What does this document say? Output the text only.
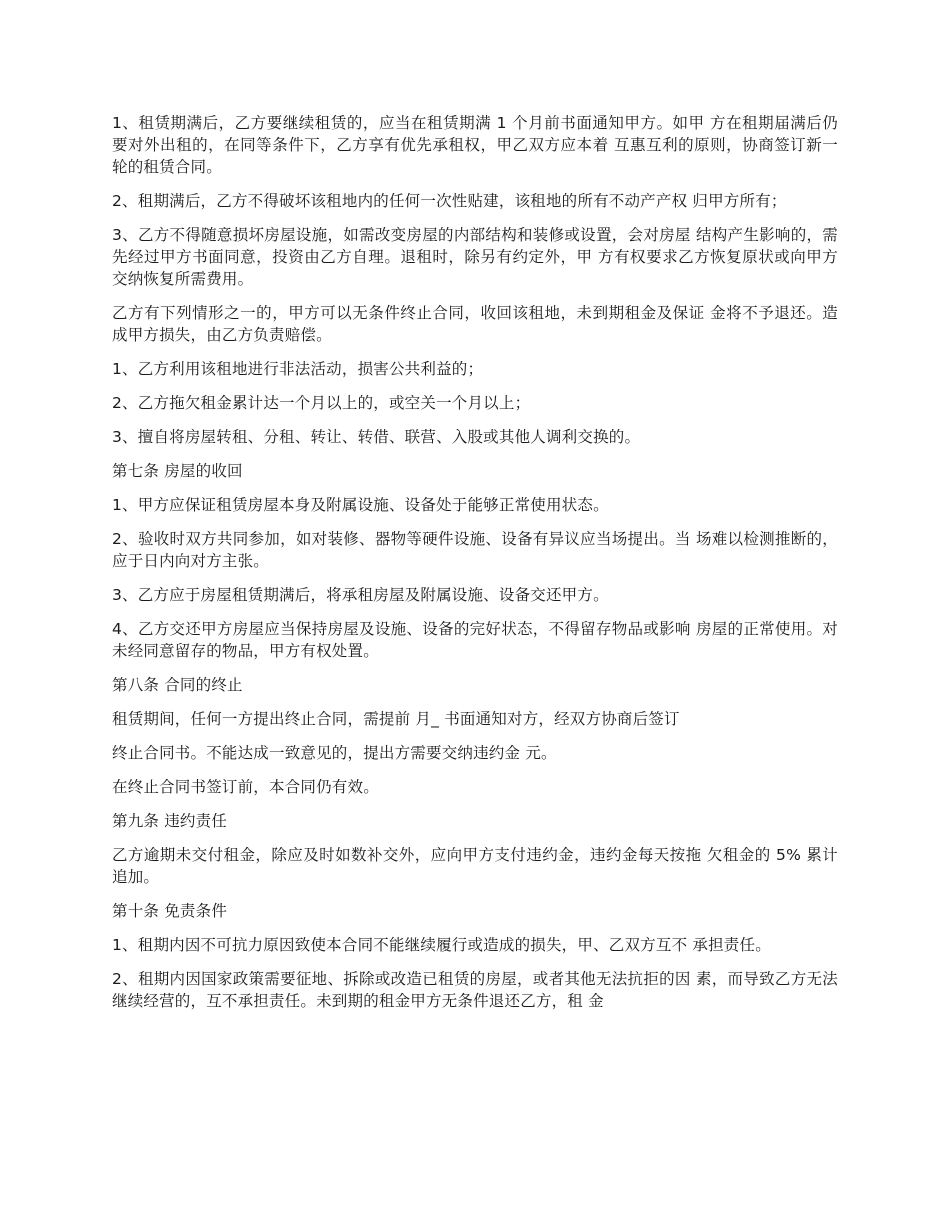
1、租赁期满后，乙方要继续租赁的，应当在租赁期满 1 个月前书面通知甲方。如甲 方在租期届满后仍要对外出租的，在同等条件下，乙方享有优先承租权，甲乙双方应本着 互惠互利的原则，协商签订新一轮的租赁合同。

2、租期满后，乙方不得破坏该租地内的任何一次性贴建，该租地的所有不动产产权 归甲方所有；

3、乙方不得随意损坏房屋设施，如需改变房屋的内部结构和装修或设置，会对房屋 结构产生影响的，需先经过甲方书面同意，投资由乙方自理。退租时，除另有约定外，甲 方有权要求乙方恢复原状或向甲方交纳恢复所需费用。

乙方有下列情形之一的，甲方可以无条件终止合同，收回该租地，未到期租金及保证 金将不予退还。造成甲方损失，由乙方负责赔偿。

1、乙方利用该租地进行非法活动，损害公共利益的；

2、乙方拖欠租金累计达一个月以上的，或空关一个月以上；

3、擅自将房屋转租、分租、转让、转借、联营、入股或其他人调利交换的。

第七条 房屋的收回

1、甲方应保证租赁房屋本身及附属设施、设备处于能够正常使用状态。

2、验收时双方共同参加，如对装修、器物等硬件设施、设备有异议应当场提出。当 场难以检测推断的，应于日内向对方主张。

3、乙方应于房屋租赁期满后，将承租房屋及附属设施、设备交还甲方。

4、乙方交还甲方房屋应当保持房屋及设施、设备的完好状态，不得留存物品或影响 房屋的正常使用。对未经同意留存的物品，甲方有权处置。

第八条 合同的终止

租赁期间，任何一方提出终止合同，需提前 月_ 书面通知对方，经双方协商后签订

终止合同书。不能达成一致意见的，提出方需要交纳违约金 元。

在终止合同书签订前，本合同仍有效。

第九条 违约责任

乙方逾期未交付租金，除应及时如数补交外，应向甲方支付违约金，违约金每天按拖 欠租金的 5% 累计追加。

第十条 免责条件

1、租期内因不可抗力原因致使本合同不能继续履行或造成的损失，甲、乙双方互不 承担责任。

2、租期内因国家政策需要征地、拆除或改造已租赁的房屋，或者其他无法抗拒的因 素，而导致乙方无法继续经营的，互不承担责任。未到期的租金甲方无条件退还乙方，租 金
